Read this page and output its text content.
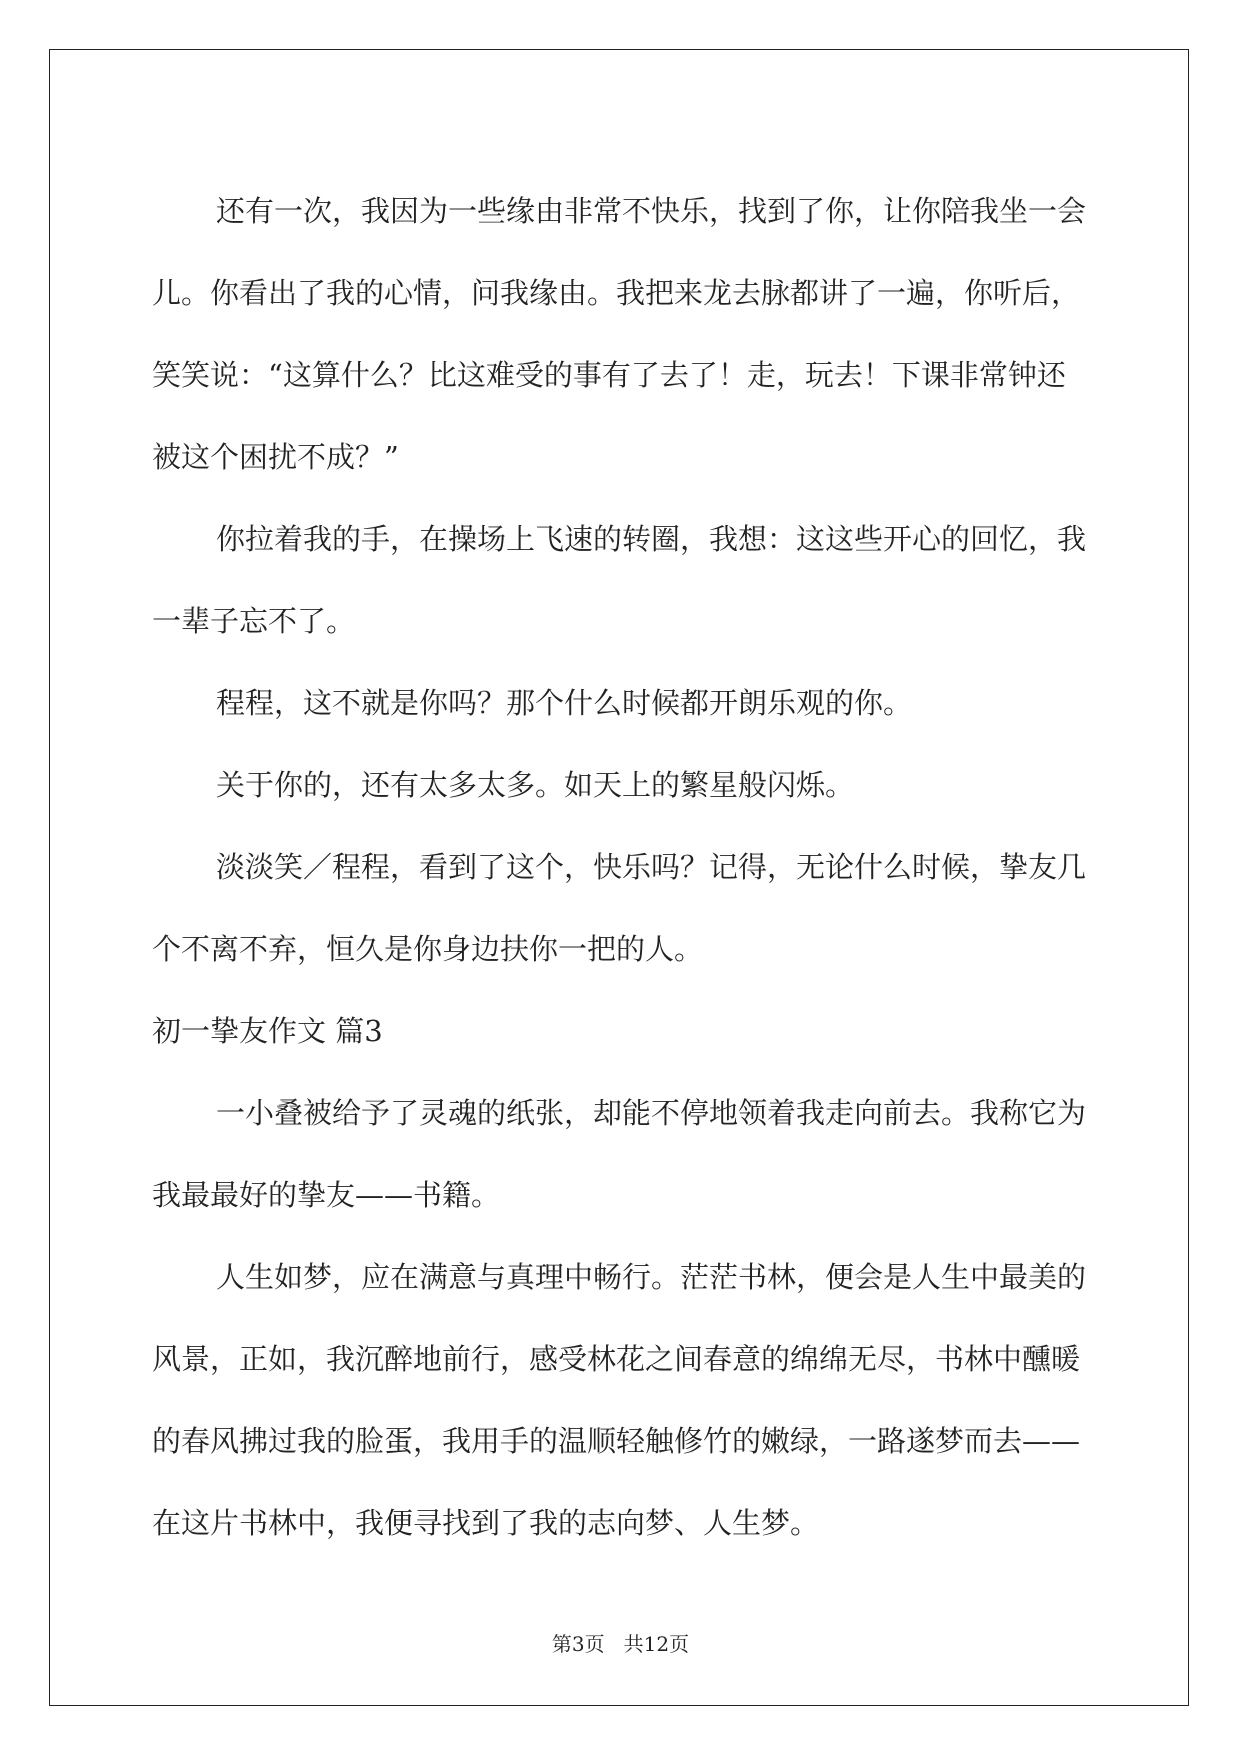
还有一次，我因为一些缘由非常不快乐，找到了你，让你陪我坐一会儿。你看出了我的心情，问我缘由。我把来龙去脉都讲了一遍，你听后，笑笑说：“这算什么？比这难受的事有了去了！走，玩去！下课非常钟还被这个困扰不成？”

你拉着我的手，在操场上飞速的转圈，我想：这这些开心的回忆，我一辈子忘不了。

程程，这不就是你吗？那个什么时候都开朗乐观的你。

关于你的，还有太多太多。如天上的繁星般闪烁。

淡淡笑／程程，看到了这个，快乐吗？记得，无论什么时候，挚友几个不离不弃，恒久是你身边扶你一把的人。

初一挚友作文 篇3

一小叠被给予了灵魂的纸张，却能不停地领着我走向前去。我称它为我最最好的挚友——书籍。

人生如梦，应在满意与真理中畅行。茫茫书林，便会是人生中最美的风景，正如，我沉醉地前行，感受林花之间春意的绵绵无尽，书林中醺暖的春风拂过我的脸蛋，我用手的温顺轻触修竹的嫩绿，一路遂梦而去——在这片书林中，我便寻找到了我的志向梦、人生梦。

第3页   共12页
